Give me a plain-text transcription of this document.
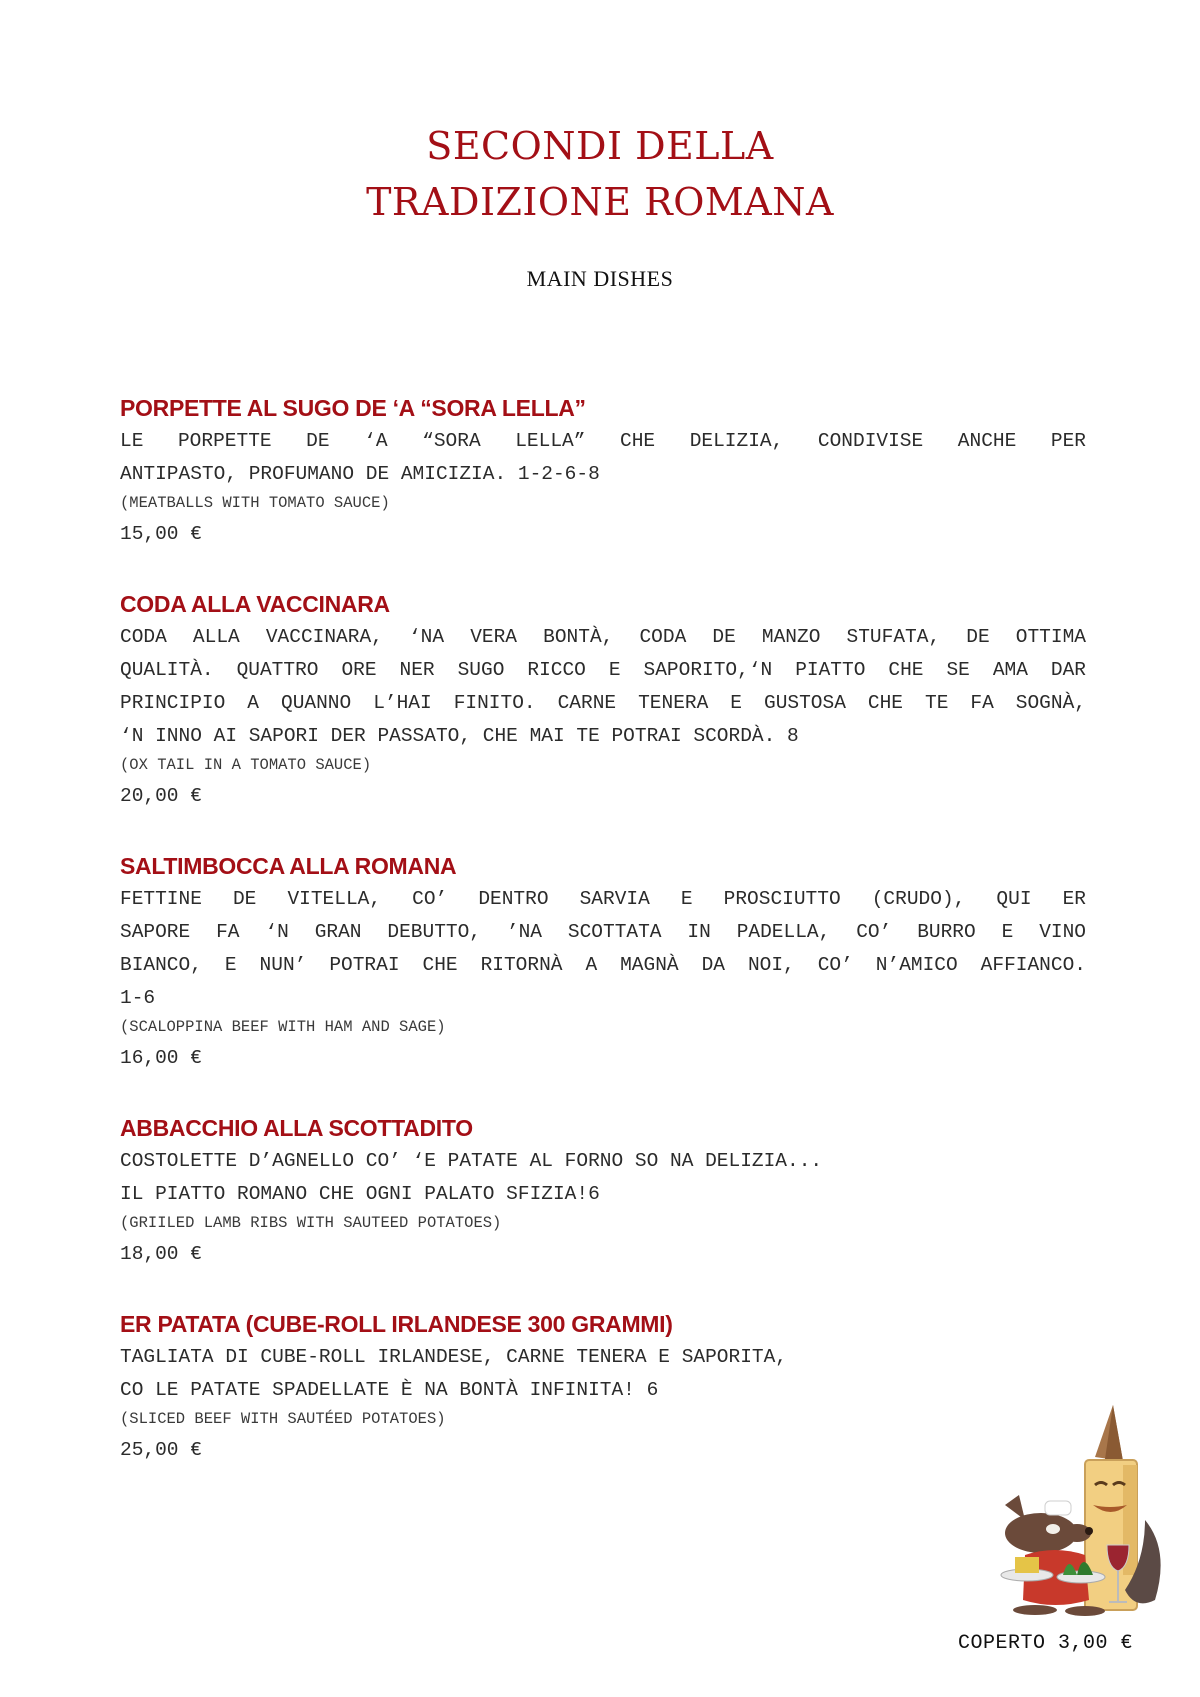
SECONDI DELLA
TRADIZIONE ROMANA
MAIN DISHES
PORPETTE AL SUGO DE ‘A “SORA LELLA”

LE PORPETTE DE ‘A “SORA LELLA” CHE DELIZIA, CONDIVISE ANCHE PER
ANTIPASTO, PROFUMANO DE AMICIZIA. 1-2-6-8

(MEATBALLS WITH TOMATO SAUCE)

15,00 €

CODA ALLA VACCINARA

CODA ALLA VACCINARA, ‘NA VERA BONTÀ, CODA DE MANZO STUFATA, DE OTTIMA
QUALITÀ. QUATTRO ORE NER SUGO RICCO E SAPORITO,‘N PIATTO CHE SE AMA DAR
PRINCIPIO A QUANNO L’HAI FINITO. CARNE TENERA E GUSTOSA CHE TE FA SOGNÀ,
‘N INNO AI SAPORI DER PASSATO, CHE MAI TE POTRAI SCORDÀ. 8

(OX TAIL IN A TOMATO SAUCE)

20,00 €

SALTIMBOCCA ALLA ROMANA

FETTINE DE VITELLA, CO’ DENTRO SARVIA E PROSCIUTTO (CRUDO), QUI ER
SAPORE FA ‘N GRAN DEBUTTO, ’NA SCOTTATA IN PADELLA, CO’ BURRO E VINO
BIANCO, E NUN’ POTRAI CHE RITORNÀ A MAGNÀ DA NOI, CO’ N’AMICO AFFIANCO.
1-6

(SCALOPPINA BEEF WITH HAM AND SAGE)

16,00 €

ABBACCHIO ALLA SCOTTADITO

COSTOLETTE D’AGNELLO CO’ ‘E PATATE AL FORNO SO NA DELIZIA...
IL PIATTO ROMANO CHE OGNI PALATO SFIZIA!6

(GRIILED LAMB RIBS WITH SAUTEED POTATOES)

18,00 €

ER PATATA (CUBE-ROLL IRLANDESE 300 GRAMMI)

TAGLIATA DI CUBE-ROLL IRLANDESE, CARNE TENERA E SAPORITA,
CO LE PATATE SPADELLATE È NA BONTÀ INFINITA! 6

(SLICED BEEF WITH SAUTÉED POTATOES)

25,00 €

COPERTO 3,00 €
